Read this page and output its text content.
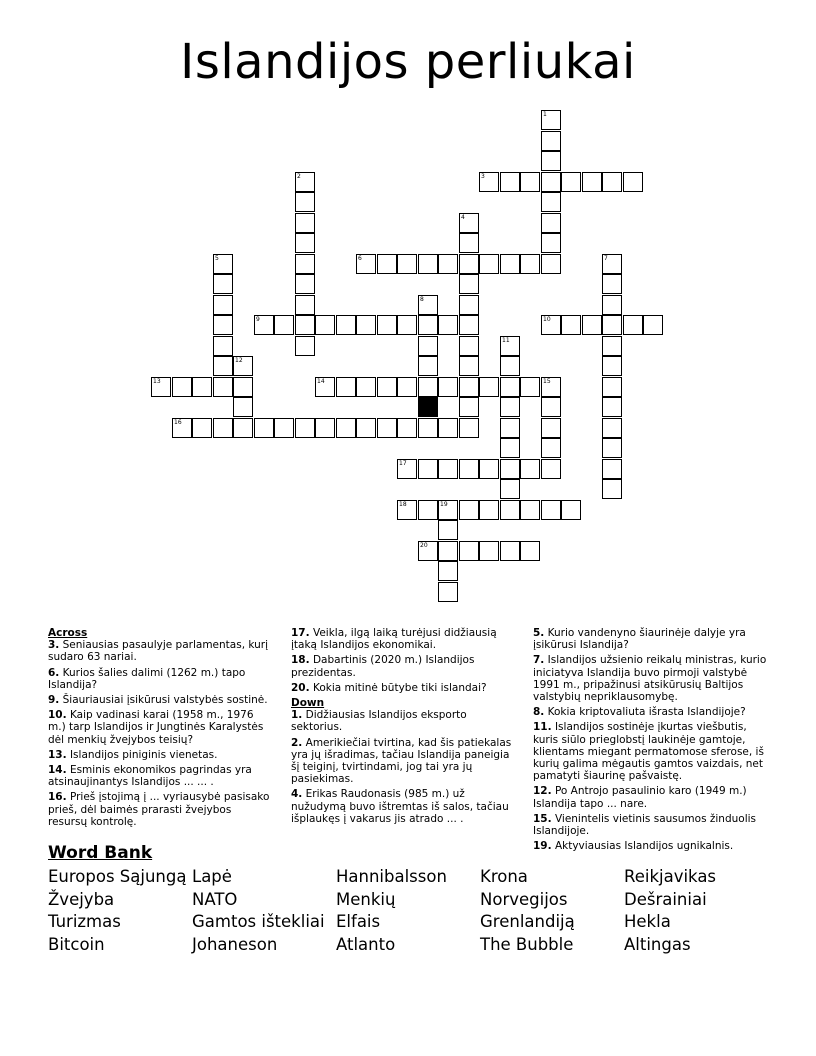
Islandijos perliukai
1
2	3
4
5	6	7
8
9	10
11
12
13	14	15
16
17
18	19
20
Across

3. Seniausias pasaulyje parlamentas, kurį sudaro 63 nariai.

6. Kurios šalies dalimi (1262 m.) tapo Islandija?

9. Šiauriausiai įsikūrusi valstybės sostinė.

10. Kaip vadinasi karai (1958 m., 1976 m.) tarp Islandijos ir Jungtinės Karalystės dėl menkių žvejybos teisių?

13. Islandijos piniginis vienetas.

14. Esminis ekonomikos pagrindas yra atsinaujinantys Islandijos ... ... .

16. Prieš įstojimą į ... vyriausybė pasisako prieš, dėl baimės prarasti žvejybos resursų kontrolę.

17. Veikla, ilgą laiką turėjusi didžiausią įtaką Islandijos ekonomikai.

18. Dabartinis (2020 m.) Islandijos prezidentas.

20. Kokia mitinė būtybe tiki islandai?

Down

1. Didžiausias Islandijos eksporto sektorius.

2. Amerikiečiai tvirtina, kad šis patiekalas yra jų išradimas, tačiau Islandija paneigia šį teiginį, tvirtindami, jog tai yra jų pasiekimas.

4. Erikas Raudonasis (985 m.) už nužudymą buvo ištremtas iš salos, tačiau išplaukęs į vakarus jis atrado ... .

5. Kurio vandenyno šiaurinėje dalyje yra įsikūrusi Islandija?

7. Islandijos užsienio reikalų ministras, kurio iniciatyva Islandija buvo pirmoji valstybė 1991 m., pripažinusi atsikūrusių Baltijos valstybių nepriklausomybę.

8. Kokia kriptovaliuta išrasta Islandijoje?

11. Islandijos sostinėje įkurtas viešbutis, kuris siūlo prieglobstį laukinėje gamtoje, klientams miegant permatomose sferose, iš kurių galima mėgautis gamtos vaizdais, net pamatyti šiaurinę pašvaistę.

12. Po Antrojo pasaulinio karo (1949 m.) Islandija tapo ... nare.

15. Vienintelis vietinis sausumos žinduolis Islandijoje.

19. Aktyviausias Islandijos ugnikalnis.

Word Bank
Europos Sąjungą
Žvejyba
Turizmas
Bitcoin
Lapė
NATO
Gamtos ištekliai
Johaneson
Hannibalsson
Menkių
Elfais
Atlanto
Krona
Norvegijos
Grenlandiją
The Bubble
Reikjavikas
Dešrainiai
Hekla
Altingas
